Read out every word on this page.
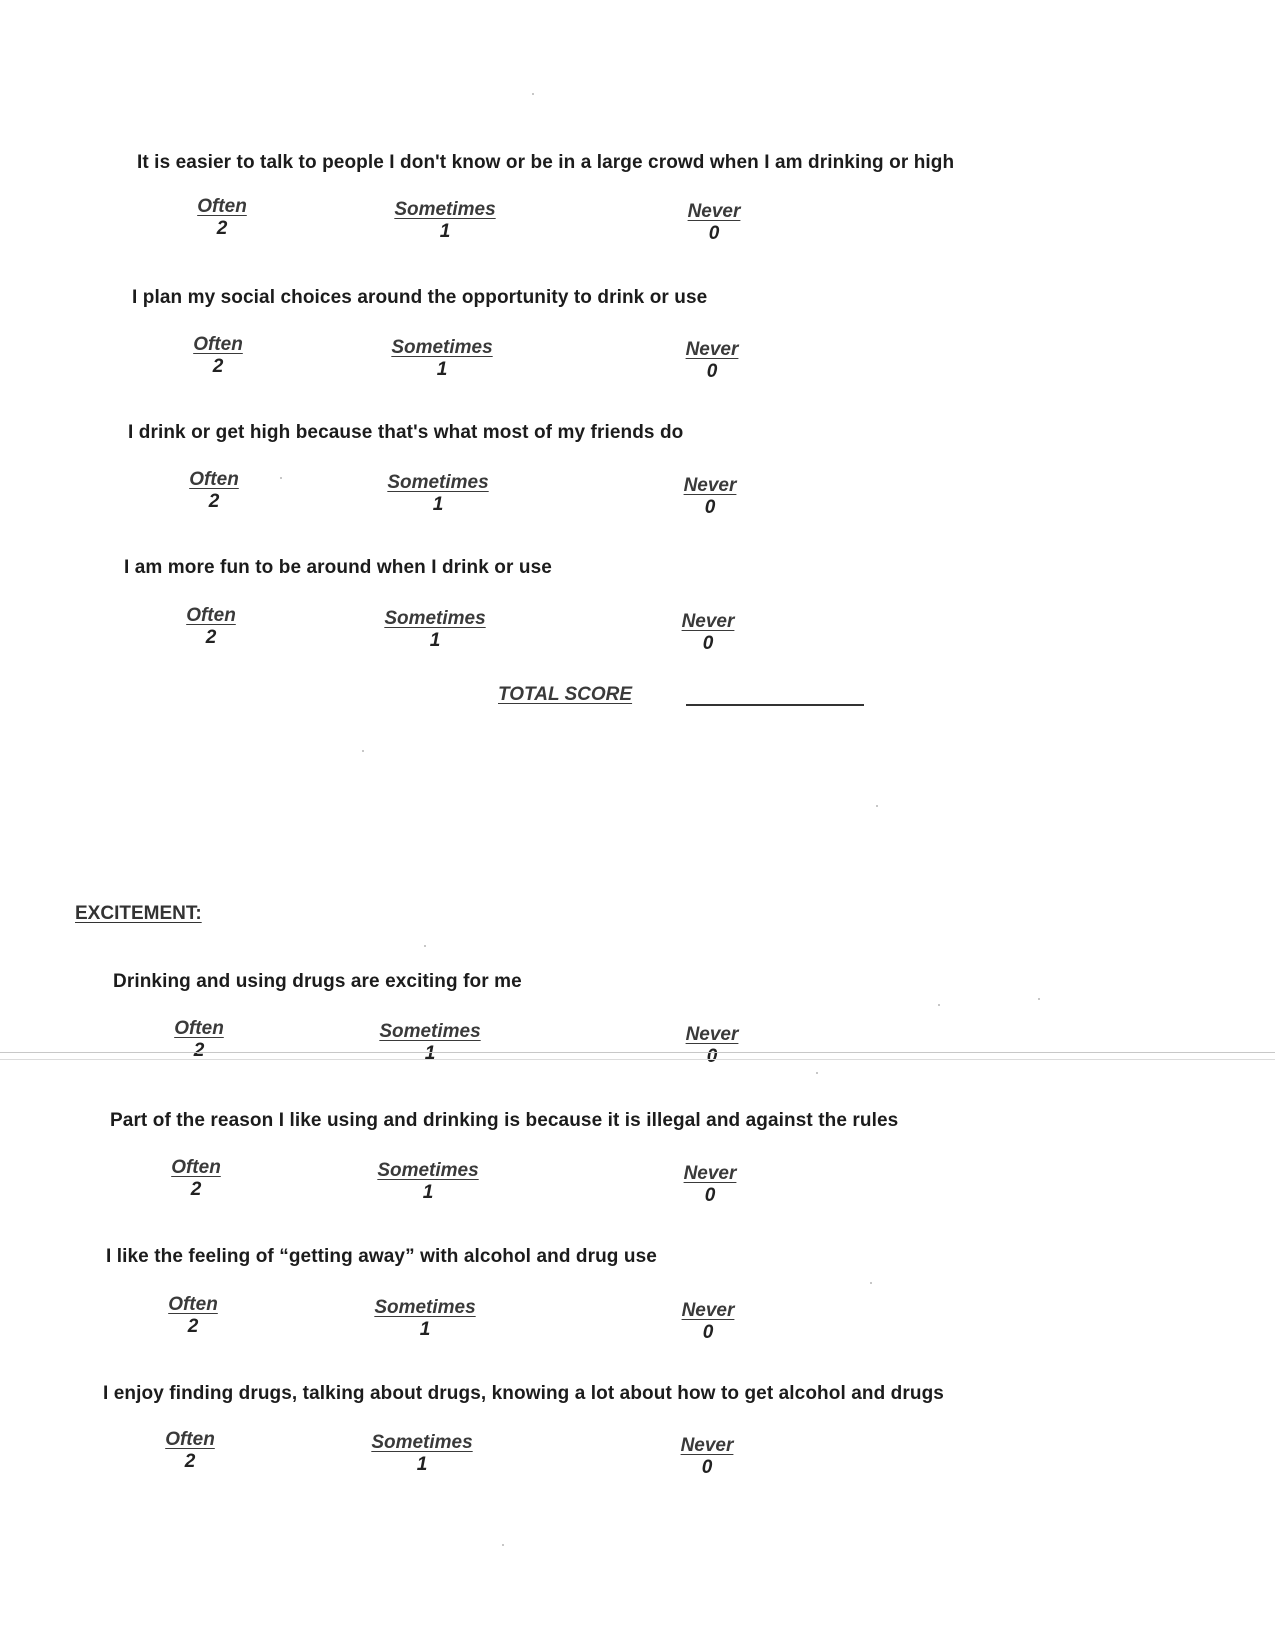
It is easier to talk to people I don't know or be in a large crowd when I am drinking or high
Often
2
Sometimes
1
Never
0
I plan my social choices around the opportunity to drink or use
Often
2
Sometimes
1
Never
0
I drink or get high because that's what most of my friends do
Often
2
Sometimes
1
Never
0
I am more fun to be around when I drink or use
Often
2
Sometimes
1
Never
0
TOTAL SCORE
EXCITEMENT:
Drinking and using drugs are exciting for me
Often
2
Sometimes
1
Never
0
Part of the reason I like using and drinking is because it is illegal and against the rules
Often
2
Sometimes
1
Never
0
I like the feeling of “getting away” with alcohol and drug use
Often
2
Sometimes
1
Never
0
I enjoy finding drugs, talking about drugs, knowing a lot about how to get alcohol and drugs
Often
2
Sometimes
1
Never
0
